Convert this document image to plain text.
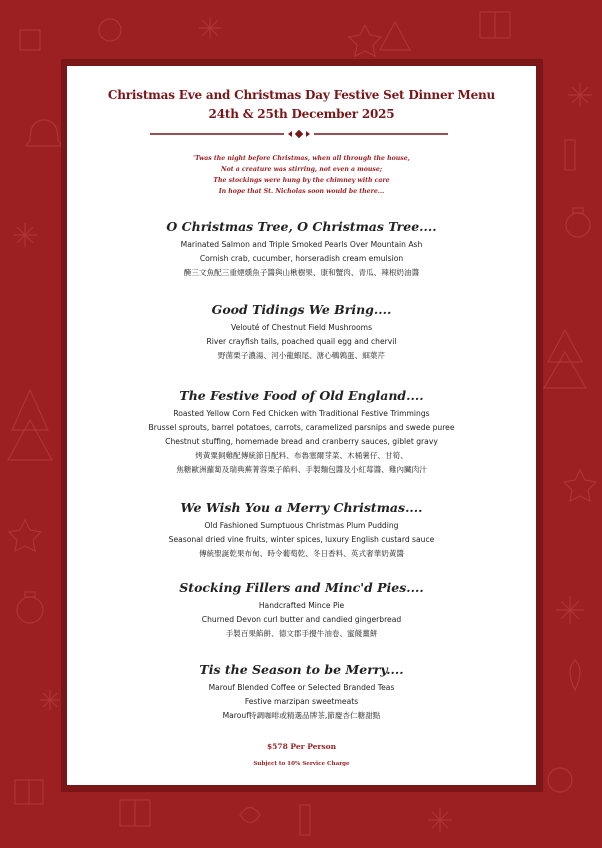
Christmas Eve and Christmas Day Festive Set Dinner Menu
24th & 25th December 2025
'Twas the night before Christmas, when all through the house,
Not a creature was stirring, not even a mouse;
The stockings were hung by the chimney with care
In hope that St. Nicholas soon would be there...
O Christmas Tree, O Christmas Tree....
Marinated Salmon and Triple Smoked Pearls Over Mountain Ash
Cornish crab, cucumber, horseradish cream emulsion
醃三文魚配三重煙燻魚子醬與山楸樹果、康和蟹肉、青瓜、辣根奶油醬
Good Tidings We Bring....
Velouté of Chestnut Field Mushrooms
River crayfish tails, poached quail egg and chervil
野菌栗子濃湯、河小龍蝦尾、溏心鵪鶉蛋、細葉芹
The Festive Food of Old England....
Roasted Yellow Corn Fed Chicken with Traditional Festive Trimmings
Brussel sprouts, barrel potatoes, carrots, caramelized parsnips and swede puree
Chestnut stuffing, homemade bread and cranberry sauces, giblet gravy
烤黃粟飼雞配傳統節日配料、布魯塞爾芽菜、木桶薯仔、甘筍、
焦糖歐洲蘿蔔及瑞典蕪菁蓉栗子餡料、手製麵包醬及小紅莓醬、雞內臟肉汁
We Wish You a Merry Christmas....
Old Fashioned Sumptuous Christmas Plum Pudding
Seasonal dried vine fruits, winter spices, luxury English custard sauce
傳統聖誕乾果布甸、時令葡萄乾、冬日香料、英式奢華奶黃醬
Stocking Fillers and Minc'd Pies....
Handcrafted Mince Pie
Churned Devon curl butter and candied gingerbread
手製百果餡餅、德文郡手攪牛油卷、蜜餞薑餅
Tis the Season to be Merry....
Marouf Blended Coffee or Selected Branded Teas
Festive marzipan sweetmeats
Marouf特調咖啡或精選品牌茶,節慶杏仁糖甜點
$578 Per Person
Subject to 10% Service Charge
